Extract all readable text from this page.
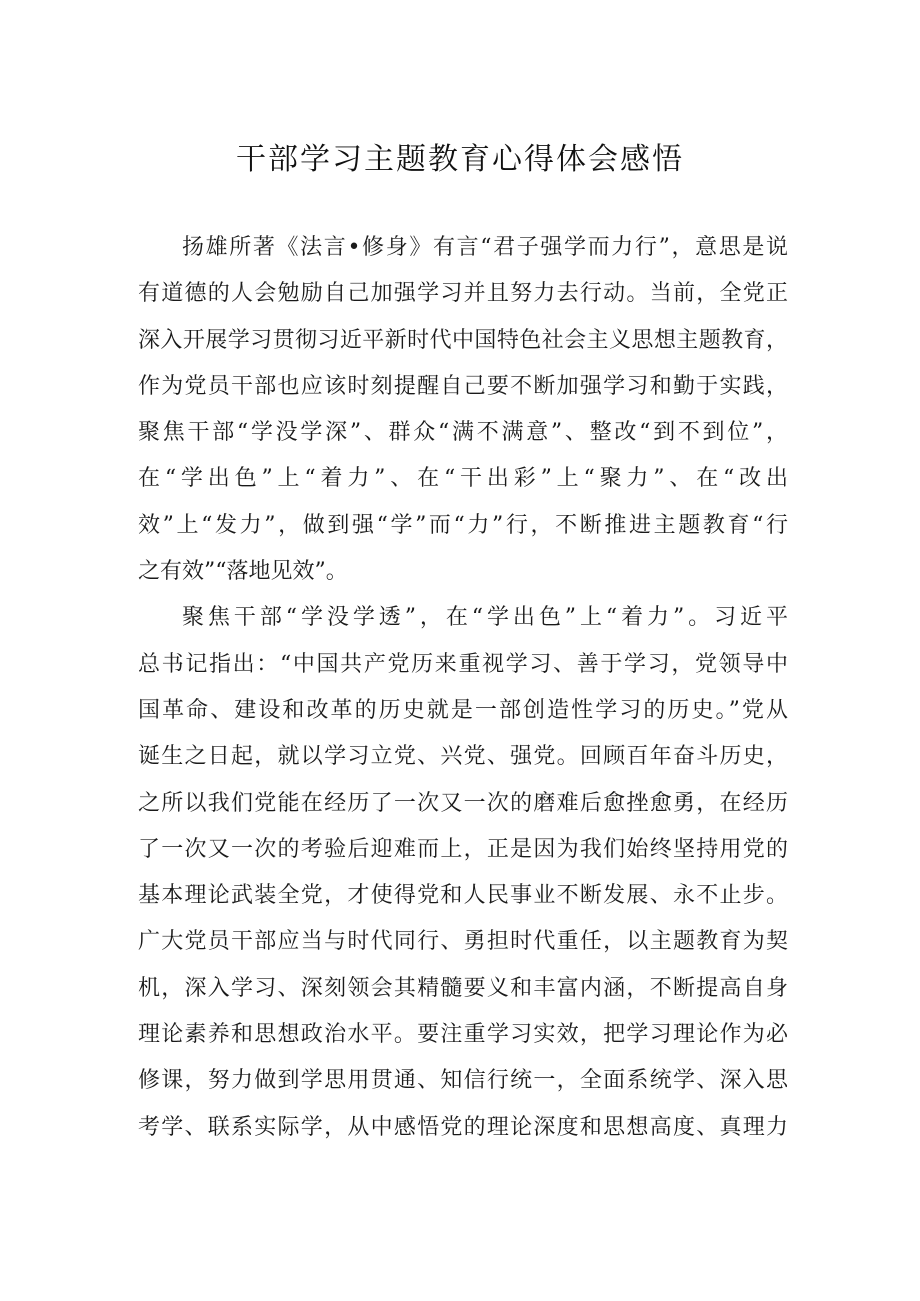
干部学习主题教育心得体会感悟

扬雄所著《法言•修身》有言“君子强学而力行”，意思是说
有道德的人会勉励自己加强学习并且努力去行动。当前，全党正
深入开展学习贯彻习近平新时代中国特色社会主义思想主题教育，
作为党员干部也应该时刻提醒自己要不断加强学习和勤于实践，
聚焦干部“学没学深”、群众“满不满意”、整改“到不到位”，
在“学出色”上“着力”、在“干出彩”上“聚力”、在“改出
效”上“发力”，做到强“学”而“力”行，不断推进主题教育“行
之有效”“落地见效”。

聚焦干部“学没学透”，在“学出色”上“着力”。习近平
总书记指出：“中国共产党历来重视学习、善于学习，党领导中
国革命、建设和改革的历史就是一部创造性学习的历史。”党从
诞生之日起，就以学习立党、兴党、强党。回顾百年奋斗历史，
之所以我们党能在经历了一次又一次的磨难后愈挫愈勇，在经历
了一次又一次的考验后迎难而上，正是因为我们始终坚持用党的
基本理论武装全党，才使得党和人民事业不断发展、永不止步。
广大党员干部应当与时代同行、勇担时代重任，以主题教育为契
机，深入学习、深刻领会其精髓要义和丰富内涵，不断提高自身
理论素养和思想政治水平。要注重学习实效，把学习理论作为必
修课，努力做到学思用贯通、知信行统一，全面系统学、深入思
考学、联系实际学，从中感悟党的理论深度和思想高度、真理力
